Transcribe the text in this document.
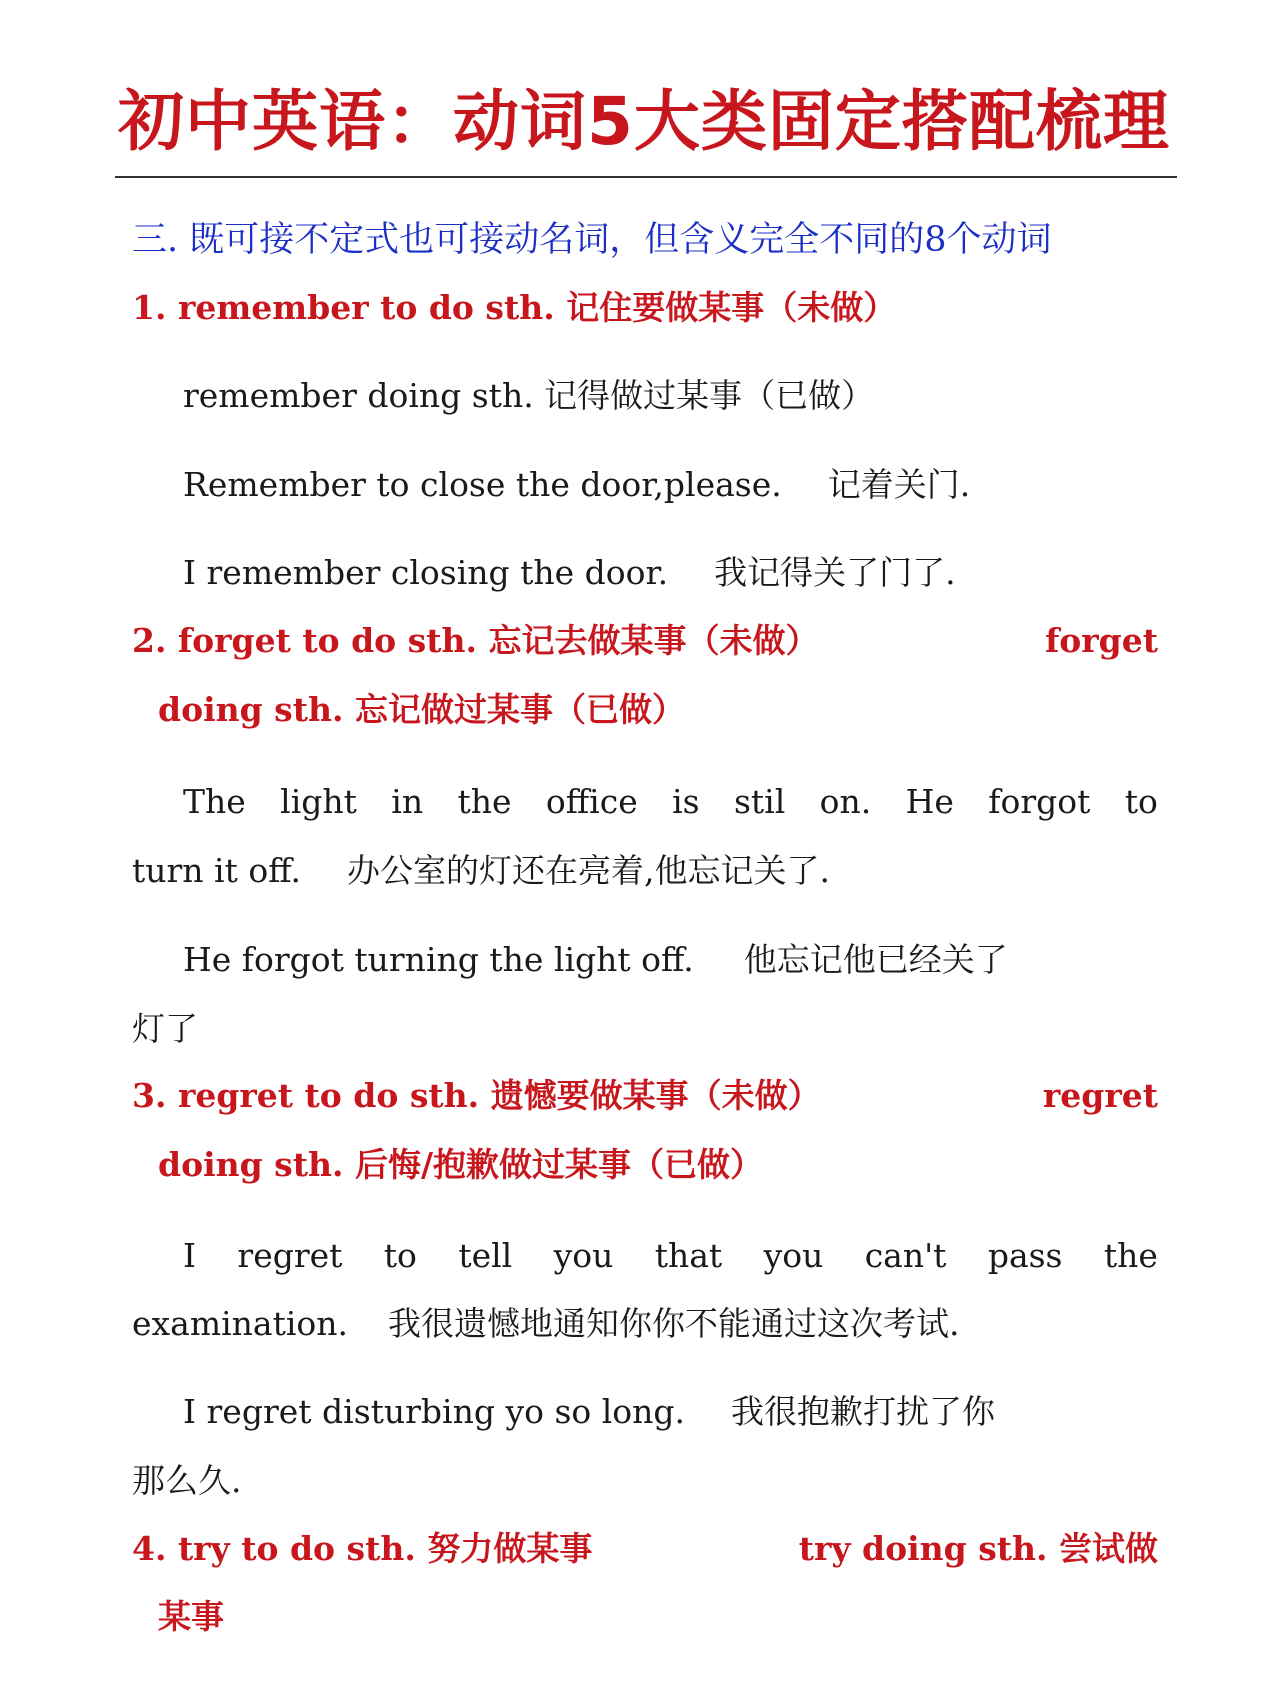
初中英语：动词5大类固定搭配梳理
三. 既可接不定式也可接动名词，但含义完全不同的8个动词
1. remember to do sth. 记住要做某事（未做）
remember doing sth. 记得做过某事（已做）
Remember to close the door,please. 记着关门.
I remember closing the door. 我记得关了门了.
2. forget to do sth. 忘记去做某事（未做）	forget
doing sth. 忘记做过某事（已做）
The light in the office is stil on. He forgot to
turn it off. 办公室的灯还在亮着,他忘记关了.
He forgot turning the light off. 他忘记他已经关了
灯了
3. regret to do sth. 遗憾要做某事（未做）	regret
doing sth. 后悔/抱歉做过某事（已做）
I regret to tell you that you can't pass the
examination. 我很遗憾地通知你你不能通过这次考试.
I regret disturbing yo so long. 我很抱歉打扰了你
那么久.
4. try to do sth. 努力做某事	try doing sth. 尝试做
某事
